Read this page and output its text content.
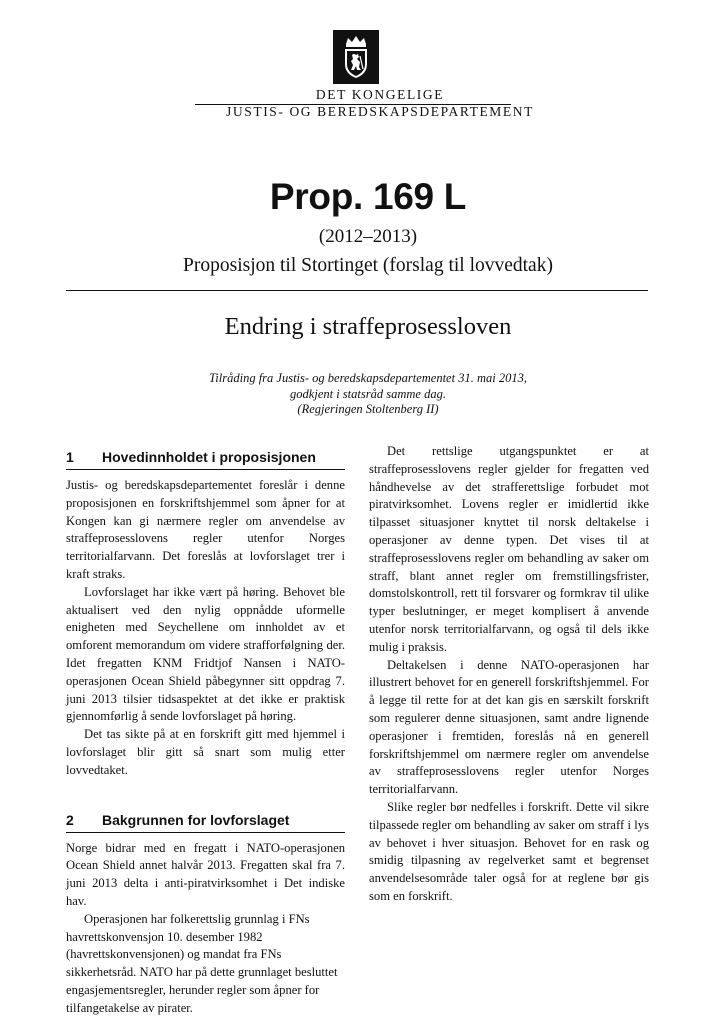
DET KONGELIGE
JUSTIS- OG BEREDSKAPSDEPARTEMENT
Prop. 169 L
(2012–2013)
Proposisjon til Stortinget (forslag til lovvedtak)
Endring i straffeprosessloven
Tilråding fra Justis- og beredskapsdepartementet 31. mai 2013,
godkjent i statsråd samme dag.
(Regjeringen Stoltenberg II)
1	Hovedinnholdet i proposisjonen

Justis- og beredskapsdepartementet foreslår i denne proposisjonen en forskriftshjemmel som åpner for at Kongen kan gi nærmere regler om anvendelse av straffeprosesslovens regler utenfor Norges territorialfarvann. Det foreslås at lovforslaget trer i kraft straks.

Lovforslaget har ikke vært på høring. Behovet ble aktualisert ved den nylig oppnådde uformelle enigheten med Seychellene om innholdet av et omforent memorandum om videre strafforfølgning der. Idet fregatten KNM Fridtjof Nansen i NATO-operasjonen Ocean Shield påbegynner sitt oppdrag 7. juni 2013 tilsier tidsaspektet at det ikke er praktisk gjennomførlig å sende lovforslaget på høring.

Det tas sikte på at en forskrift gitt med hjemmel i lovforslaget blir gitt så snart som mulig etter lovvedtaket.

2	Bakgrunnen for lovforslaget

Norge bidrar med en fregatt i NATO-operasjonen Ocean Shield annet halvår 2013. Fregatten skal fra 7. juni 2013 delta i anti-piratvirksomhet i Det indiske hav.

Operasjonen har folkerettslig grunnlag i FNs havrettskonvensjon 10. desember 1982 (havrettskonvensjonen) og mandat fra FNs sikkerhetsråd. NATO har på dette grunnlaget besluttet engasjementsregler, herunder regler som åpner for tilfangetakelse av pirater.

Det rettslige utgangspunktet er at straffeprosesslovens regler gjelder for fregatten ved håndhevelse av det strafferettslige forbudet mot piratvirksomhet. Lovens regler er imidlertid ikke tilpasset situasjoner knyttet til norsk deltakelse i operasjoner av denne typen. Det vises til at straffeprosesslovens regler om behandling av saker om straff, blant annet regler om fremstillingsfrister, domstolskontroll, rett til forsvarer og formkrav til ulike typer beslutninger, er meget komplisert å anvende utenfor norsk territorialfarvann, og også til dels ikke mulig i praksis.

Deltakelsen i denne NATO-operasjonen har illustrert behovet for en generell forskriftshjemmel. For å legge til rette for at det kan gis en særskilt forskrift som regulerer denne situasjonen, samt andre lignende operasjoner i fremtiden, foreslås nå en generell forskriftshjemmel om nærmere regler om anvendelse av straffeprosesslovens regler utenfor Norges territorialfarvann.

Slike regler bør nedfelles i forskrift. Dette vil sikre tilpassede regler om behandling av saker om straff i lys av behovet i hver situasjon. Behovet for en rask og smidig tilpasning av regelverket samt et begrenset anvendelsesområde taler også for at reglene bør gis som en forskrift.
